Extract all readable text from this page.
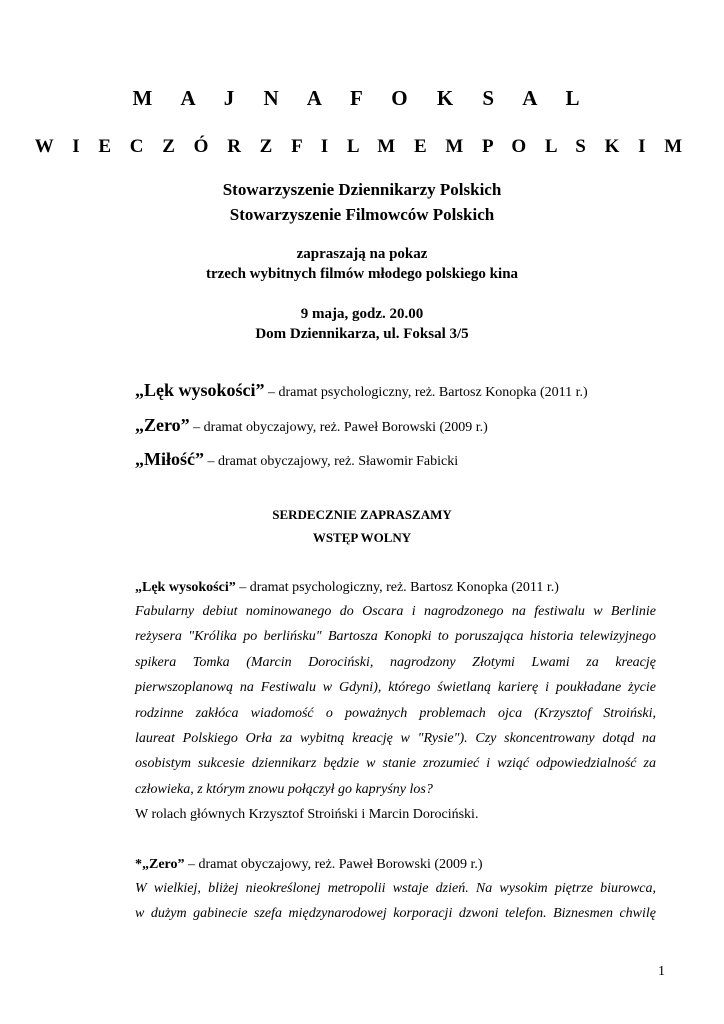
M A J N A F O K S A L
W I E C Z Ó R Z F I L M E M P O L S K I M
Stowarzyszenie Dziennikarzy Polskich
Stowarzyszenie Filmowców Polskich
zapraszają na pokaz
trzech wybitnych filmów młodego polskiego kina
9 maja, godz. 20.00
Dom Dziennikarza, ul. Foksal 3/5
„Lęk wysokości” – dramat psychologiczny, reż. Bartosz Konopka (2011 r.)
„Zero” – dramat obyczajowy, reż. Paweł Borowski (2009 r.)
„Miłość” – dramat obyczajowy, reż. Sławomir Fabicki
SERDECZNIE ZAPRASZAMY
WSTĘP WOLNY
„Lęk wysokości” – dramat psychologiczny, reż. Bartosz Konopka (2011 r.)
Fabularny debiut nominowanego do Oscara i nagrodzonego na festiwalu w Berlinie
reżysera "Królika po berlińsku" Bartosza Konopki to poruszająca historia telewizyjnego
spikera Tomka (Marcin Dorociński, nagrodzony Złotymi Lwami za kreację
pierwszoplanową na Festiwalu w Gdyni), którego świetlaną karierę i poukładane życie
rodzinne zakłóca wiadomość o poważnych problemach ojca (Krzysztof Stroiński,
laureat Polskiego Orła za wybitną kreację w "Rysie"). Czy skoncentrowany dotąd na
osobistym sukcesie dziennikarz będzie w stanie zrozumieć i wziąć odpowiedzialność za
człowieka, z którym znowu połączył go kapryśny los?
W rolach głównych Krzysztof Stroiński i Marcin Dorociński.
*„Zero” – dramat obyczajowy, reż. Paweł Borowski (2009 r.)
W wielkiej, bliżej nieokreślonej metropolii wstaje dzień. Na wysokim piętrze biurowca,
w dużym gabinecie szefa międzynarodowej korporacji dzwoni telefon. Biznesmen chwilę
1
